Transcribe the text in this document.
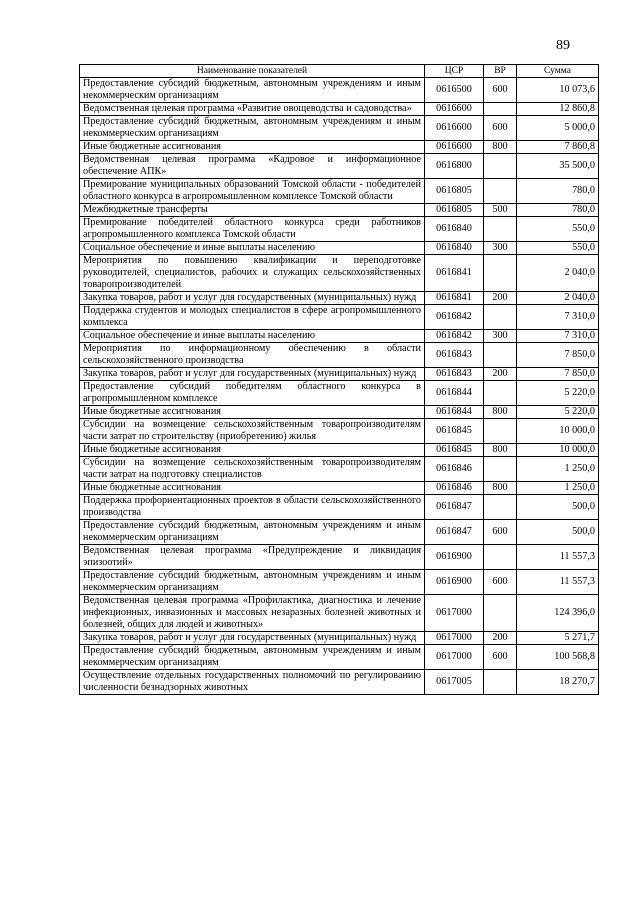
89
Наименование показателей	ЦСР	ВР	Сумма
Предоставление субсидий бюджетным, автономным учреждениям и иным некоммерческим организациям	0616500	600	10 073,6
Ведомственная целевая программа «Развитие овощеводства и садоводства»	0616600		12 860,8
Предоставление субсидий бюджетным, автономным учреждениям и иным некоммерческим организациям	0616600	600	5 000,0
Иные бюджетные ассигнования	0616600	800	7 860,8
Ведомственная целевая программа «Кадровое и информационное обеспечение АПК»	0616800		35 500,0
Премирование муниципальных образований Томской области - победителей областного конкурса в агропромышленном комплексе Томской области	0616805		780,0
Межбюджетные трансферты	0616805	500	780,0
Премирование победителей областного конкурса среди работников агропромышленного комплекса Томской области	0616840		550,0
Социальное обеспечение и иные выплаты населению	0616840	300	550,0
Мероприятия по повышению квалификации и переподготовке руководителей, специалистов, рабочих и служащих сельскохозяйственных товаропроизводителей	0616841		2 040,0
Закупка товаров, работ и услуг для государственных (муниципальных) нужд	0616841	200	2 040,0
Поддержка студентов и молодых специалистов в сфере агропромышленного комплекса	0616842		7 310,0
Социальное обеспечение и иные выплаты населению	0616842	300	7 310,0
Мероприятия по информационному обеспечению в области сельскохозяйственного производства	0616843		7 850,0
Закупка товаров, работ и услуг для государственных (муниципальных) нужд	0616843	200	7 850,0
Предоставление субсидий победителям областного конкурса в агропромышленном комплексе	0616844		5 220,0
Иные бюджетные ассигнования	0616844	800	5 220,0
Субсидии на возмещение сельскохозяйственным товаропроизводителям части затрат по строительству (приобретению) жилья	0616845		10 000,0
Иные бюджетные ассигнования	0616845	800	10 000,0
Субсидии на возмещение сельскохозяйственным товаропроизводителям части затрат на подготовку специалистов	0616846		1 250,0
Иные бюджетные ассигнования	0616846	800	1 250,0
Поддержка профориентационных проектов в области сельскохозяйственного производства	0616847		500,0
Предоставление субсидий бюджетным, автономным учреждениям и иным некоммерческим организациям	0616847	600	500,0
Ведомственная целевая программа «Предупреждение и ликвидация эпизоотий»	0616900		11 557,3
Предоставление субсидий бюджетным, автономным учреждениям и иным некоммерческим организациям	0616900	600	11 557,3
Ведомственная целевая программа «Профилактика, диагностика и лечение инфекционных, инвазионных и массовых незаразных болезней животных и болезней, общих для людей и животных»	0617000		124 396,0
Закупка товаров, работ и услуг для государственных (муниципальных) нужд	0617000	200	5 271,7
Предоставление субсидий бюджетным, автономным учреждениям и иным некоммерческим организациям	0617000	600	100 568,8
Осуществление отдельных государственных полномочий по регулированию численности безнадзорных животных	0617005		18 270,7
